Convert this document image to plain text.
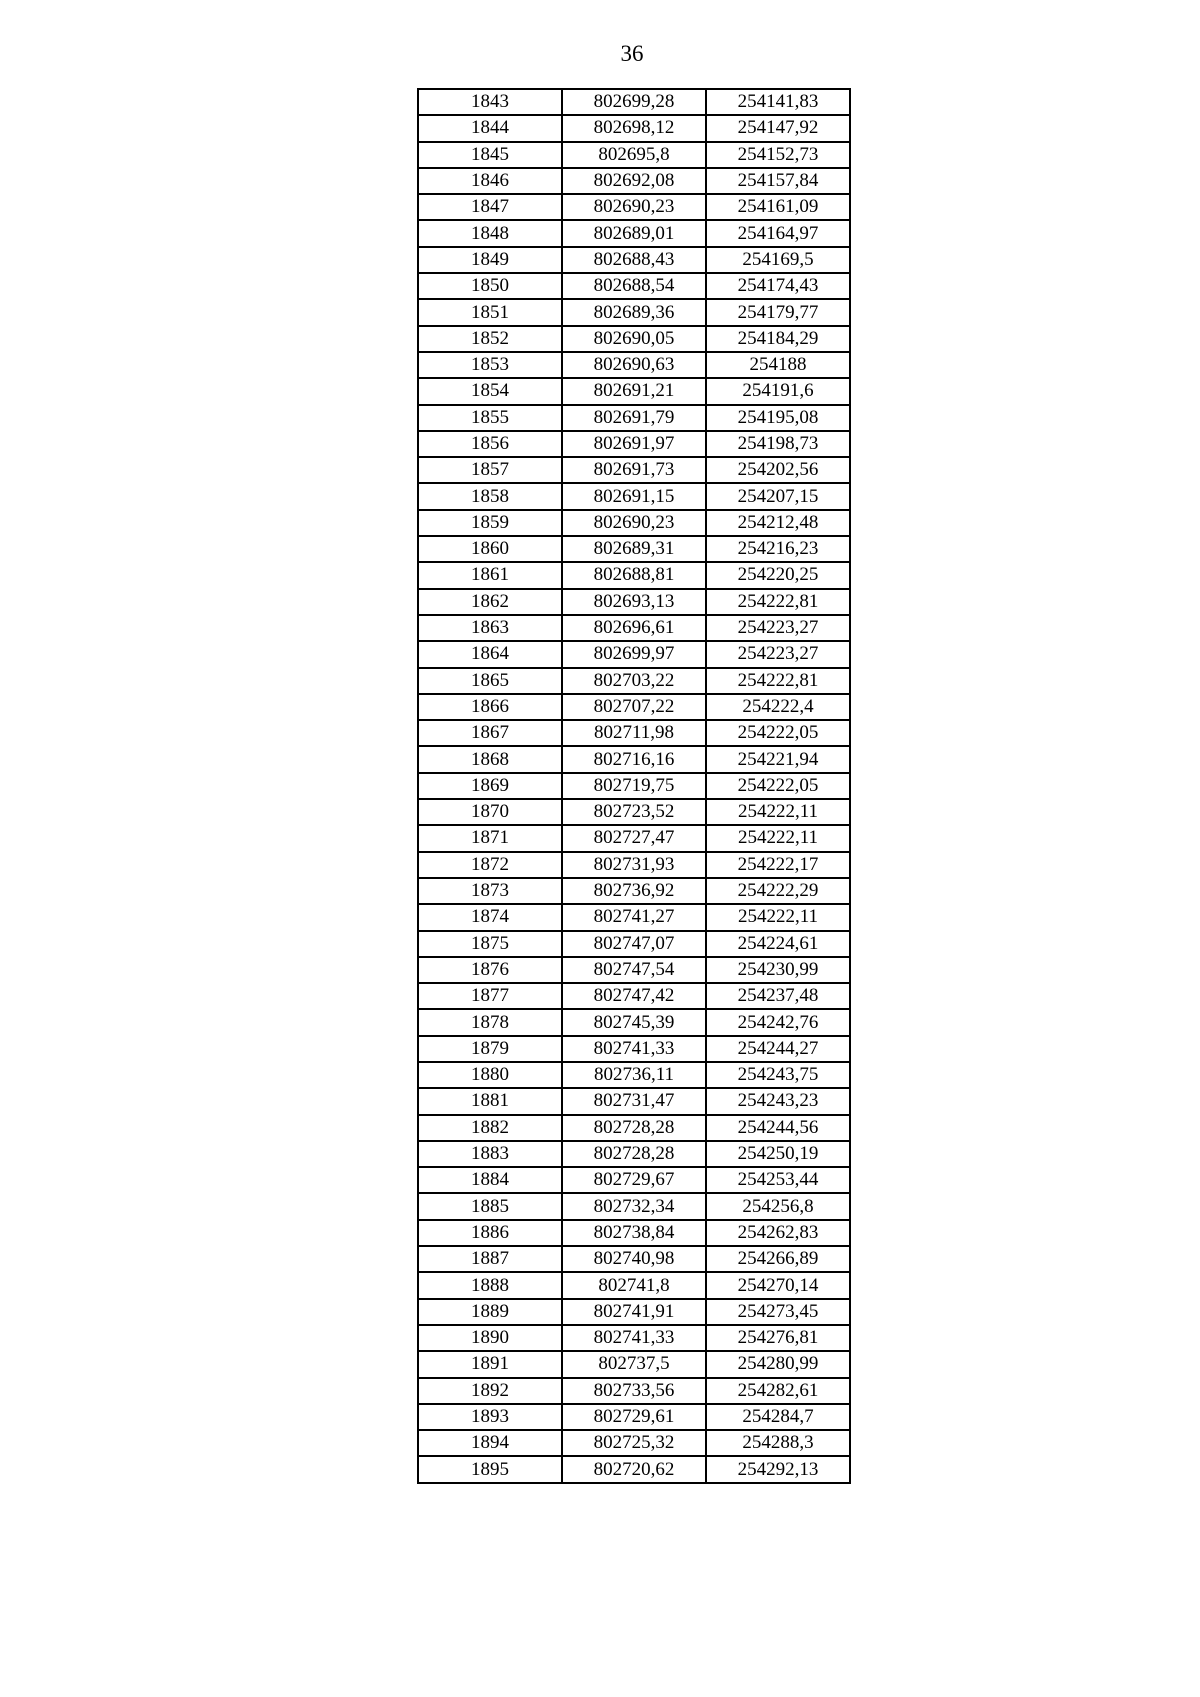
36
1843	802699,28	254141,83
1844	802698,12	254147,92
1845	802695,8	254152,73
1846	802692,08	254157,84
1847	802690,23	254161,09
1848	802689,01	254164,97
1849	802688,43	254169,5
1850	802688,54	254174,43
1851	802689,36	254179,77
1852	802690,05	254184,29
1853	802690,63	254188
1854	802691,21	254191,6
1855	802691,79	254195,08
1856	802691,97	254198,73
1857	802691,73	254202,56
1858	802691,15	254207,15
1859	802690,23	254212,48
1860	802689,31	254216,23
1861	802688,81	254220,25
1862	802693,13	254222,81
1863	802696,61	254223,27
1864	802699,97	254223,27
1865	802703,22	254222,81
1866	802707,22	254222,4
1867	802711,98	254222,05
1868	802716,16	254221,94
1869	802719,75	254222,05
1870	802723,52	254222,11
1871	802727,47	254222,11
1872	802731,93	254222,17
1873	802736,92	254222,29
1874	802741,27	254222,11
1875	802747,07	254224,61
1876	802747,54	254230,99
1877	802747,42	254237,48
1878	802745,39	254242,76
1879	802741,33	254244,27
1880	802736,11	254243,75
1881	802731,47	254243,23
1882	802728,28	254244,56
1883	802728,28	254250,19
1884	802729,67	254253,44
1885	802732,34	254256,8
1886	802738,84	254262,83
1887	802740,98	254266,89
1888	802741,8	254270,14
1889	802741,91	254273,45
1890	802741,33	254276,81
1891	802737,5	254280,99
1892	802733,56	254282,61
1893	802729,61	254284,7
1894	802725,32	254288,3
1895	802720,62	254292,13
